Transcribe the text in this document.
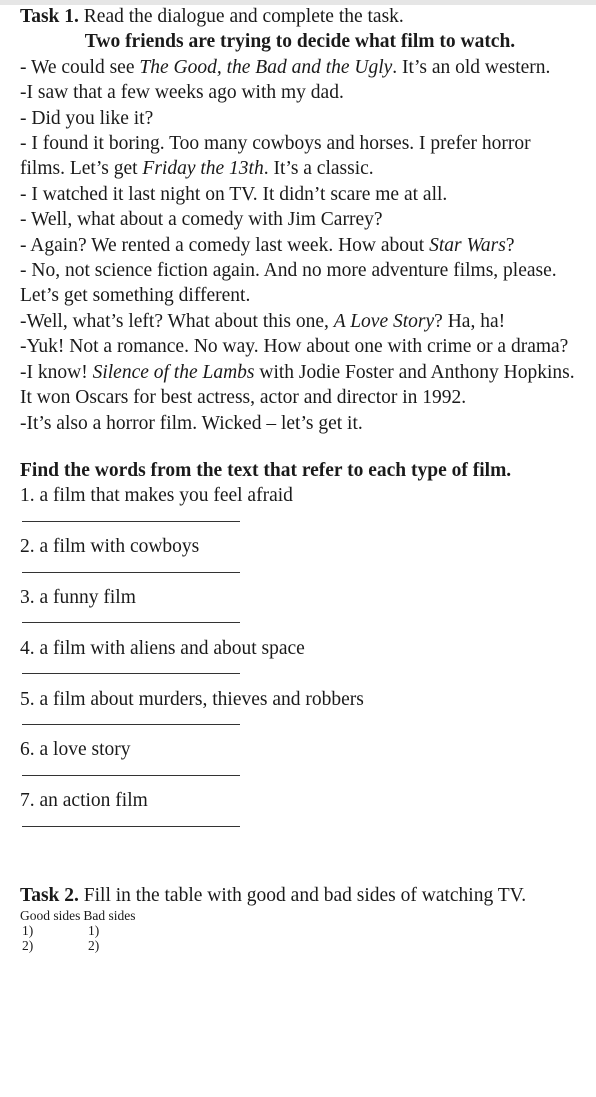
Task 1. Read the dialogue and complete the task.
Two friends are trying to decide what film to watch.
- We could see The Good, the Bad and the Ugly. It’s an old western.
-I saw that a few weeks ago with my dad.
- Did you like it?
- I found it boring. Too many cowboys and horses. I prefer horror films. Let’s get Friday the 13th. It’s a classic.
- I watched it last night on TV. It didn’t scare me at all.
- Well, what about a comedy with Jim Carrey?
- Again? We rented a comedy last week. How about Star Wars?
- No, not science fiction again. And no more adventure films, please. Let’s get something different.
-Well, what’s left? What about this one, A Love Story? Ha, ha!
-Yuk! Not a romance. No way. How about one with crime or a drama?
-I know! Silence of the Lambs with Jodie Foster and Anthony Hopkins. It won Oscars for best actress, actor and director in 1992.
-It’s also a horror film. Wicked – let’s get it.
Find the words from the text that refer to each type of film.
1. a film that makes you feel afraid
2. a film with cowboys
3. a funny film
4. a film with aliens and about space
5. a film about murders, thieves and robbers
6. a love story
7. an action film
Task 2. Fill in the table with good and bad sides of watching TV.
Good sides Bad sides
1)	1)
2)	2)
